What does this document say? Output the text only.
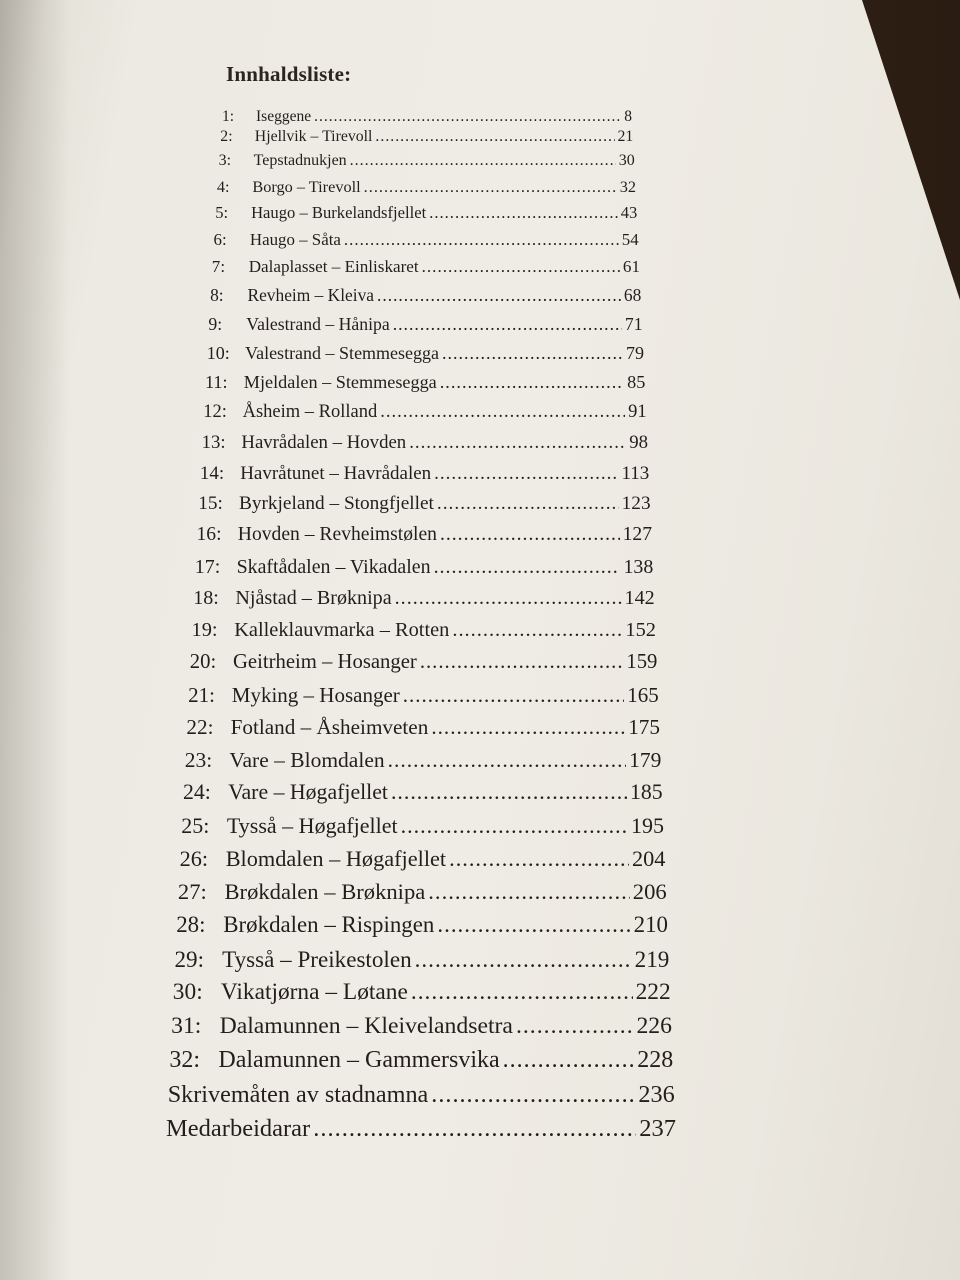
Innhaldsliste:
1:	Iseggene .....	8
2:	Hjellvik – Tirevoll .....	21
3:	Tepstadnukjen .....	30
4:	Borgo – Tirevoll .....	32
5:	Haugo – Burkelandsfjellet .....	43
6:	Haugo – Såta .....	54
7:	Dalaplasset – Einliskaret .....	61
8:	Revheim – Kleiva .....	68
9:	Valestrand – Hånipa .....	71
10: Valestrand – Stemmesegga .....	79
11: Mjeldalen – Stemmesegga .....	85
12: Åsheim – Rolland .....	91
13: Havrådalen – Hovden .....	98
14: Havråtunet – Havrådalen .....	113
15: Byrkjeland – Stongfjellet .....	123
16: Hovden – Revheimstølen .....	127
17: Skaftådalen – Vikadalen .....	138
18: Njåstad – Brøknipa .....	142
19: Kalleklauvmarka – Rotten .....	152
20: Geitrheim – Hosanger .....	159
21: Myking – Hosanger .....	165
22: Fotland – Åsheimveten .....	175
23: Vare – Blomdalen .....	179
24: Vare – Høgafjellet .....	185
25: Tysså – Høgafjellet .....	195
26: Blomdalen – Høgafjellet .....	204
27: Brøkdalen – Brøknipa .....	206
28: Brøkdalen – Rispingen .....	210
29: Tysså – Preikestolen .....	219
30: Vikatjørna – Løtane .....	222
31: Dalamunnen – Kleivelandsetra .....	226
32: Dalamunnen – Gammersvika .....	228
Skrivemåten av stadnamna .....	236
Medarbeidarar .....	237
